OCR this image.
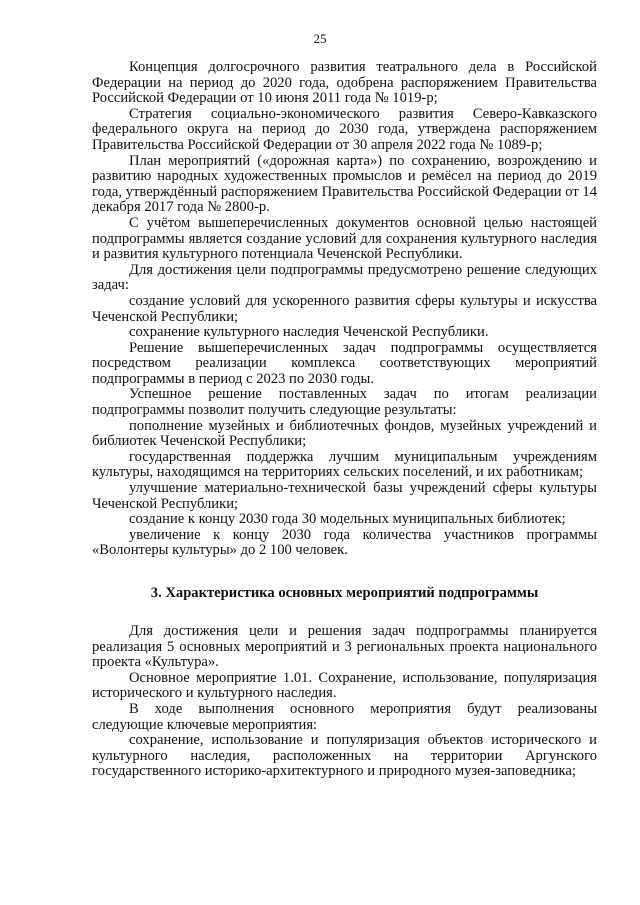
25

Концепция долгосрочного развития театрального дела в Российской Федерации на период до 2020 года, одобрена распоряжением Правительства Российской Федерации от 10 июня 2011 года № 1019-р;

Стратегия социально-экономического развития Северо-Кавказского федерального округа на период до 2030 года, утверждена распоряжением Правительства Российской Федерации от 30 апреля 2022 года № 1089-р;

План мероприятий («дорожная карта») по сохранению, возрождению и развитию народных художественных промыслов и ремёсел на период до 2019 года, утверждённый распоряжением Правительства Российской Федерации от 14 декабря 2017 года № 2800-р.

С учётом вышеперечисленных документов основной целью настоящей подпрограммы является создание условий для сохранения культурного наследия и развития культурного потенциала Чеченской Республики.

Для достижения цели подпрограммы предусмотрено решение следующих задач:

создание условий для ускоренного развития сферы культуры и искусства Чеченской Республики;

сохранение культурного наследия Чеченской Республики.

Решение вышеперечисленных задач подпрограммы осуществляется посредством реализации комплекса соответствующих мероприятий подпрограммы в период с 2023 по 2030 годы.

Успешное решение поставленных задач по итогам реализации подпрограммы позволит получить следующие результаты:

пополнение музейных и библиотечных фондов, музейных учреждений и библиотек Чеченской Республики;

государственная поддержка лучшим муниципальным учреждениям культуры, находящимся на территориях сельских поселений, и их работникам;

улучшение материально-технической базы учреждений сферы культуры Чеченской Республики;

создание к концу 2030 года 30 модельных муниципальных библиотек;

увеличение к концу 2030 года количества участников программы «Волонтеры культуры» до 2 100 человек.

3. Характеристика основных мероприятий подпрограммы

Для достижения цели и решения задач подпрограммы планируется реализация 5 основных мероприятий и 3 региональных проекта национального проекта «Культура».

Основное мероприятие 1.01. Сохранение, использование, популяризация исторического и культурного наследия.

В ходе выполнения основного мероприятия будут реализованы следующие ключевые мероприятия:

сохранение, использование и популяризация объектов исторического и культурного наследия, расположенных на территории Аргунского государственного историко-архитектурного и природного музея-заповедника;
